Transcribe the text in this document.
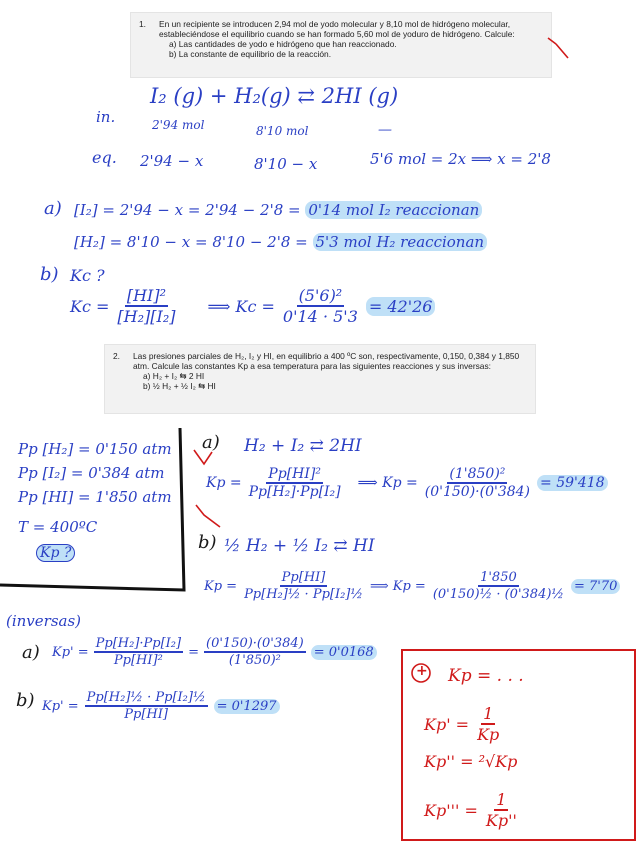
1. En un recipiente se introducen 2,94 mol de yodo molecular y 8,10 mol de hidrógeno molecular, estableciéndose el equilibrio cuando se han formado 5,60 mol de yoduro de hidrógeno. Calcule:
a) Las cantidades de yodo e hidrógeno que han reaccionado.
b) La constante de equilibrio de la reacción.
2. Las presiones parciales de H₂, I₂ y HI, en equilibrio a 400 ºC son, respectivamente, 0,150, 0,384 y 1,850 atm. Calcule las constantes Kp a esa temperatura para las siguientes reacciones y sus inversas:
a) H₂ + I₂ ⇆ 2 HI
b) ½ H₂ + ½ I₂ ⇆ HI
I₂ (g) + H₂(g) ⇄ 2HI (g)
in.	2'94 mol	8'10 mol	—
eq. 2'94 − x	8'10 − x	5'6 mol = 2x ⟹ x = 2'8
a) [I₂] = 2'94 − x = 2'94 − 2'8 = 0'14 mol I₂ reaccionan
[H₂] = 8'10 − x = 8'10 − 2'8 = 5'3 mol H₂ reaccionan
b) Kc ?
$Kc = \frac{\text{[HI]²}}{\text{[H₂][I₂]}}$ ⟹ $Kc = \frac{\text{(5'6)²}}{0'14 \cdot 5'3} = 42'26$
Pp [H₂] = 0'150 atm
Pp [I₂] = 0'384 atm
Pp [HI] = 1'850 atm
T = 400ºC
Kp ?
a) H₂ + I₂ ⇄ 2HI
$Kp = \frac{\text{Pp[HI]²}}{\text{Pp[H₂]·Pp[I₂]}}$ ⟹ $Kp = \frac{\text{(1'850)²}}{(0'150)\cdot(0'384)} = 59'418$
b) ½ H₂ + ½ I₂ ⇄ HI
$Kp = \frac{Pp[HI]}{\text{Pp[H₂]½ · Pp[I₂]½}}$ ⟹ $Kp = \frac{1'850}{\text{(0'150)½ · (0'384)½}} = 7'70$
(inversas)
a) $Kp' = \frac{\text{Pp[H₂]·Pp[I₂]}}{\text{Pp[HI]²}} = \frac{(0'150)\cdot(0'384)}{\text{(1'850)²}} = 0'0168$
b) $Kp' = \frac{\text{Pp[H₂]½ · Pp[I₂]½}}{Pp[HI]} = 0'1297$
+ Kp = . . .
$Kp' = \frac{1}{Kp}$
Kp'' = ²√Kp
$Kp''' = \frac{1}{Kp''}$
